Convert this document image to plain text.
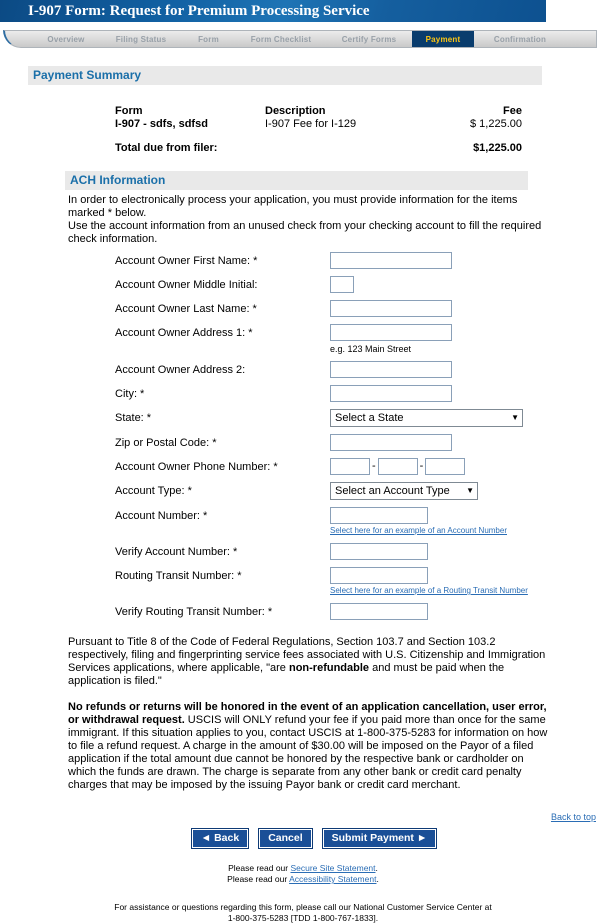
I-907 Form: Request for Premium Processing Service
Overview	Filing Status	Form	Form Checklist	Certify Forms	Payment	Confirmation
Payment Summary
Form	Description	Fee
I-907 - sdfs, sdfsd	I-907 Fee for I-129	$ 1,225.00
Total due from filer:	$1,225.00
ACH Information

In order to electronically process your application, you must provide information for the items marked * below.

Use the account information from an unused check from your checking account to fill the required check information.

Account Owner First Name: *
Account Owner Middle Initial:
Account Owner Last Name: *
Account Owner Address 1: *
e.g. 123 Main Street
Account Owner Address 2:
City: *
State: *	Select a State	▼
Zip or Postal Code: *
Account Owner Phone Number: *	-	-
Account Type: *	Select an Account Type ▼
Account Number: *
Select here for an example of an Account Number
Verify Account Number: *
Routing Transit Number: *
Select here for an example of a Routing Transit Number
Verify Routing Transit Number: *

Pursuant to Title 8 of the Code of Federal Regulations, Section 103.7 and Section 103.2 respectively, filing and fingerprinting service fees associated with U.S. Citizenship and Immigration Services applications, where applicable, "are non-refundable and must be paid when the application is filed."

No refunds or returns will be honored in the event of an application cancellation, user error, or withdrawal request. USCIS will ONLY refund your fee if you paid more than once for the same immigrant. If this situation applies to you, contact USCIS at 1-800-375-5283 for information on how to file a refund request. A charge in the amount of $30.00 will be imposed on the Payor of a filed application if the total amount due cannot be honored by the respective bank or cardholder on which the funds are drawn. The charge is separate from any other bank or credit card penalty charges that may be imposed by the issuing Payor bank or credit card merchant.

Back to top
◄ Back	Cancel	Submit Payment ►
Please read our Secure Site Statement.
Please read our Accessibility Statement.
For assistance or questions regarding this form, please call our National Customer Service Center at
1-800-375-5283 [TDD 1-800-767-1833].
